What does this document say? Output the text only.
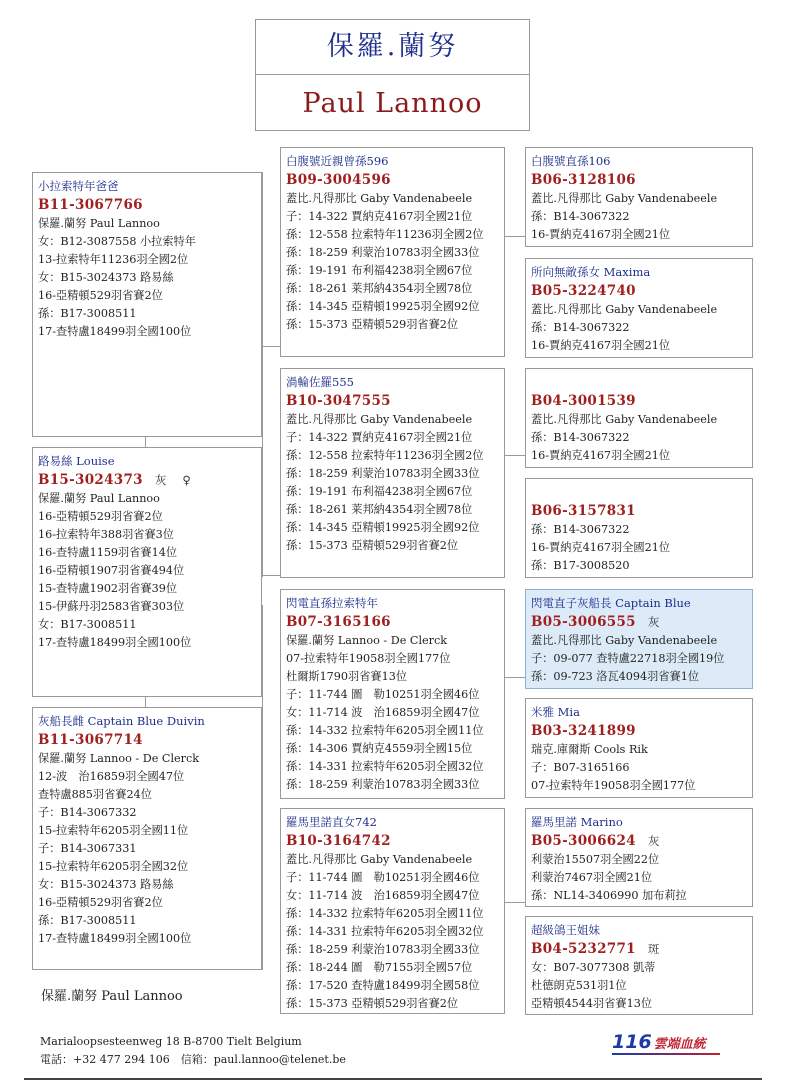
保羅.蘭努
Paul Lannoo
小拉索特年爸爸
B11-3067766
保羅.蘭努 Paul Lannoo
女：B12-3087558 小拉索特年
13-拉索特年11236羽全國2位
女：B15-3024373 路易絲
16-亞精頓529羽省賽2位
孫：B17-3008511
17-查特盧18499羽全國100位
路易絲 Louise
B15-3024373 灰 ♀
保羅.蘭努 Paul Lannoo
16-亞精頓529羽省賽2位
16-拉索特年388羽省賽3位
16-查特盧1159羽省賽14位
16-亞精頓1907羽省賽494位
15-查特盧1902羽省賽39位
15-伊蘇丹羽2583省賽303位
女：B17-3008511
17-查特盧18499羽全國100位
灰船長雌 Captain Blue Duivin
B11-3067714
保羅.蘭努 Lannoo - De Clerck
12-波　治16859羽全國47位
查特盧885羽省賽24位
子：B14-3067332
15-拉索特年6205羽全國11位
子：B14-3067331
15-拉索特年6205羽全國32位
女：B15-3024373 路易絲
16-亞精頓529羽省賽2位
孫：B17-3008511
17-查特盧18499羽全國100位
白腹號近親曾孫596
B09-3004596
蓋比.凡得那比 Gaby Vandenabeele
子：14-322 賈納克4167羽全國21位
孫：12-558 拉索特年11236羽全國2位
孫：18-259 利蒙治10783羽全國33位
孫：19-191 布利福4238羽全國67位
孫：18-261 莱邦納4354羽全國78位
孫：14-345 亞精頓19925羽全國92位
孫：15-373 亞精頓529羽省賽2位
渦輪佐羅555
B10-3047555
蓋比.凡得那比 Gaby Vandenabeele
子：14-322 賈納克4167羽全國21位
孫：12-558 拉索特年11236羽全國2位
孫：18-259 利蒙治10783羽全國33位
孫：19-191 布利福4238羽全國67位
孫：18-261 莱邦納4354羽全國78位
孫：14-345 亞精頓19925羽全國92位
孫：15-373 亞精頓529羽省賽2位
閃電直孫拉索特年
B07-3165166
保羅.蘭努 Lannoo - De Clerck
07-拉索特年19058羽全國177位
杜爾斯1790羽省賽13位
子：11-744 圖　勒10251羽全國46位
女：11-714 波　治16859羽全國47位
孫：14-332 拉索特年6205羽全國11位
孫：14-306 賈納克4559羽全國15位
孫：14-331 拉索特年6205羽全國32位
孫：18-259 利蒙治10783羽全國33位
羅馬里諾直女742
B10-3164742
蓋比.凡得那比 Gaby Vandenabeele
子：11-744 圖　勒10251羽全國46位
女：11-714 波　治16859羽全國47位
孫：14-332 拉索特年6205羽全國11位
孫：14-331 拉索特年6205羽全國32位
孫：18-259 利蒙治10783羽全國33位
孫：18-244 圖　勒7155羽全國57位
孫：17-520 查特盧18499羽全國58位
孫：15-373 亞精頓529羽省賽2位
白腹號直孫106
B06-3128106
蓋比.凡得那比 Gaby Vandenabeele
孫：B14-3067322
16-賈納克4167羽全國21位
所向無敵孫女 Maxima
B05-3224740
蓋比.凡得那比 Gaby Vandenabeele
孫：B14-3067322
16-賈納克4167羽全國21位
B04-3001539
蓋比.凡得那比 Gaby Vandenabeele
孫：B14-3067322
16-賈納克4167羽全國21位
B06-3157831
孫：B14-3067322
16-賈納克4167羽全國21位
孫：B17-3008520
閃電直子灰船長 Captain Blue
B05-3006555 灰
蓋比.凡得那比 Gaby Vandenabeele
子：09-077 查特盧22718羽全國19位
孫：09-723 洛瓦4094羽省賽1位
米雅 Mia
B03-3241899
瑞克.庫爾斯 Cools Rik
子：B07-3165166
07-拉索特年19058羽全國177位
羅馬里諾 Marino
B05-3006624 灰
利蒙治15507羽全國22位
利蒙治7467羽全國21位
孫：NL14-3406990 加布莉拉
超級鴿王姐妹
B04-5232771 斑
女：B07-3077308 凱蒂
杜德朗克531羽1位
亞精頓4544羽省賽13位
保羅.蘭努 Paul Lannoo
Marialoopsesteenweg 18 B-8700 Tielt Belgium
電話：+32 477 294 106　信箱：paul.lannoo@telenet.be
116 雲端血統
